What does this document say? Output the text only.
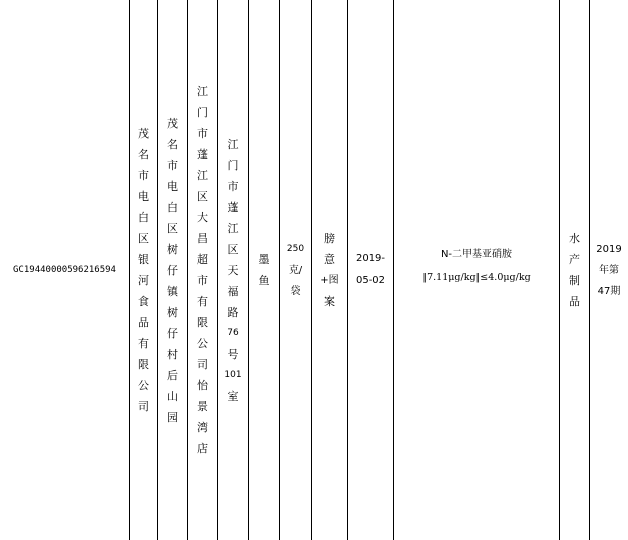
GC19440000596216594
茂
名
市
电
白
区
银
河
食
品
有
限
公
司
茂
名
市
电
白
区
树
仔
镇
树
仔
村
后
山
园
江
门
市
蓬
江
区
大
昌
超
市
有
限
公
司
怡
景
湾
店
江
门
市
蓬
江
区
天
福
路
76
号
101
室
墨
鱼
250
克/
袋
膀
意
+图
案
2019-
05-02
N-二甲基亚硝胺
‖7.11μg/kg‖≤4.0μg/kg
水
产
制
品
2019
年第
47期
